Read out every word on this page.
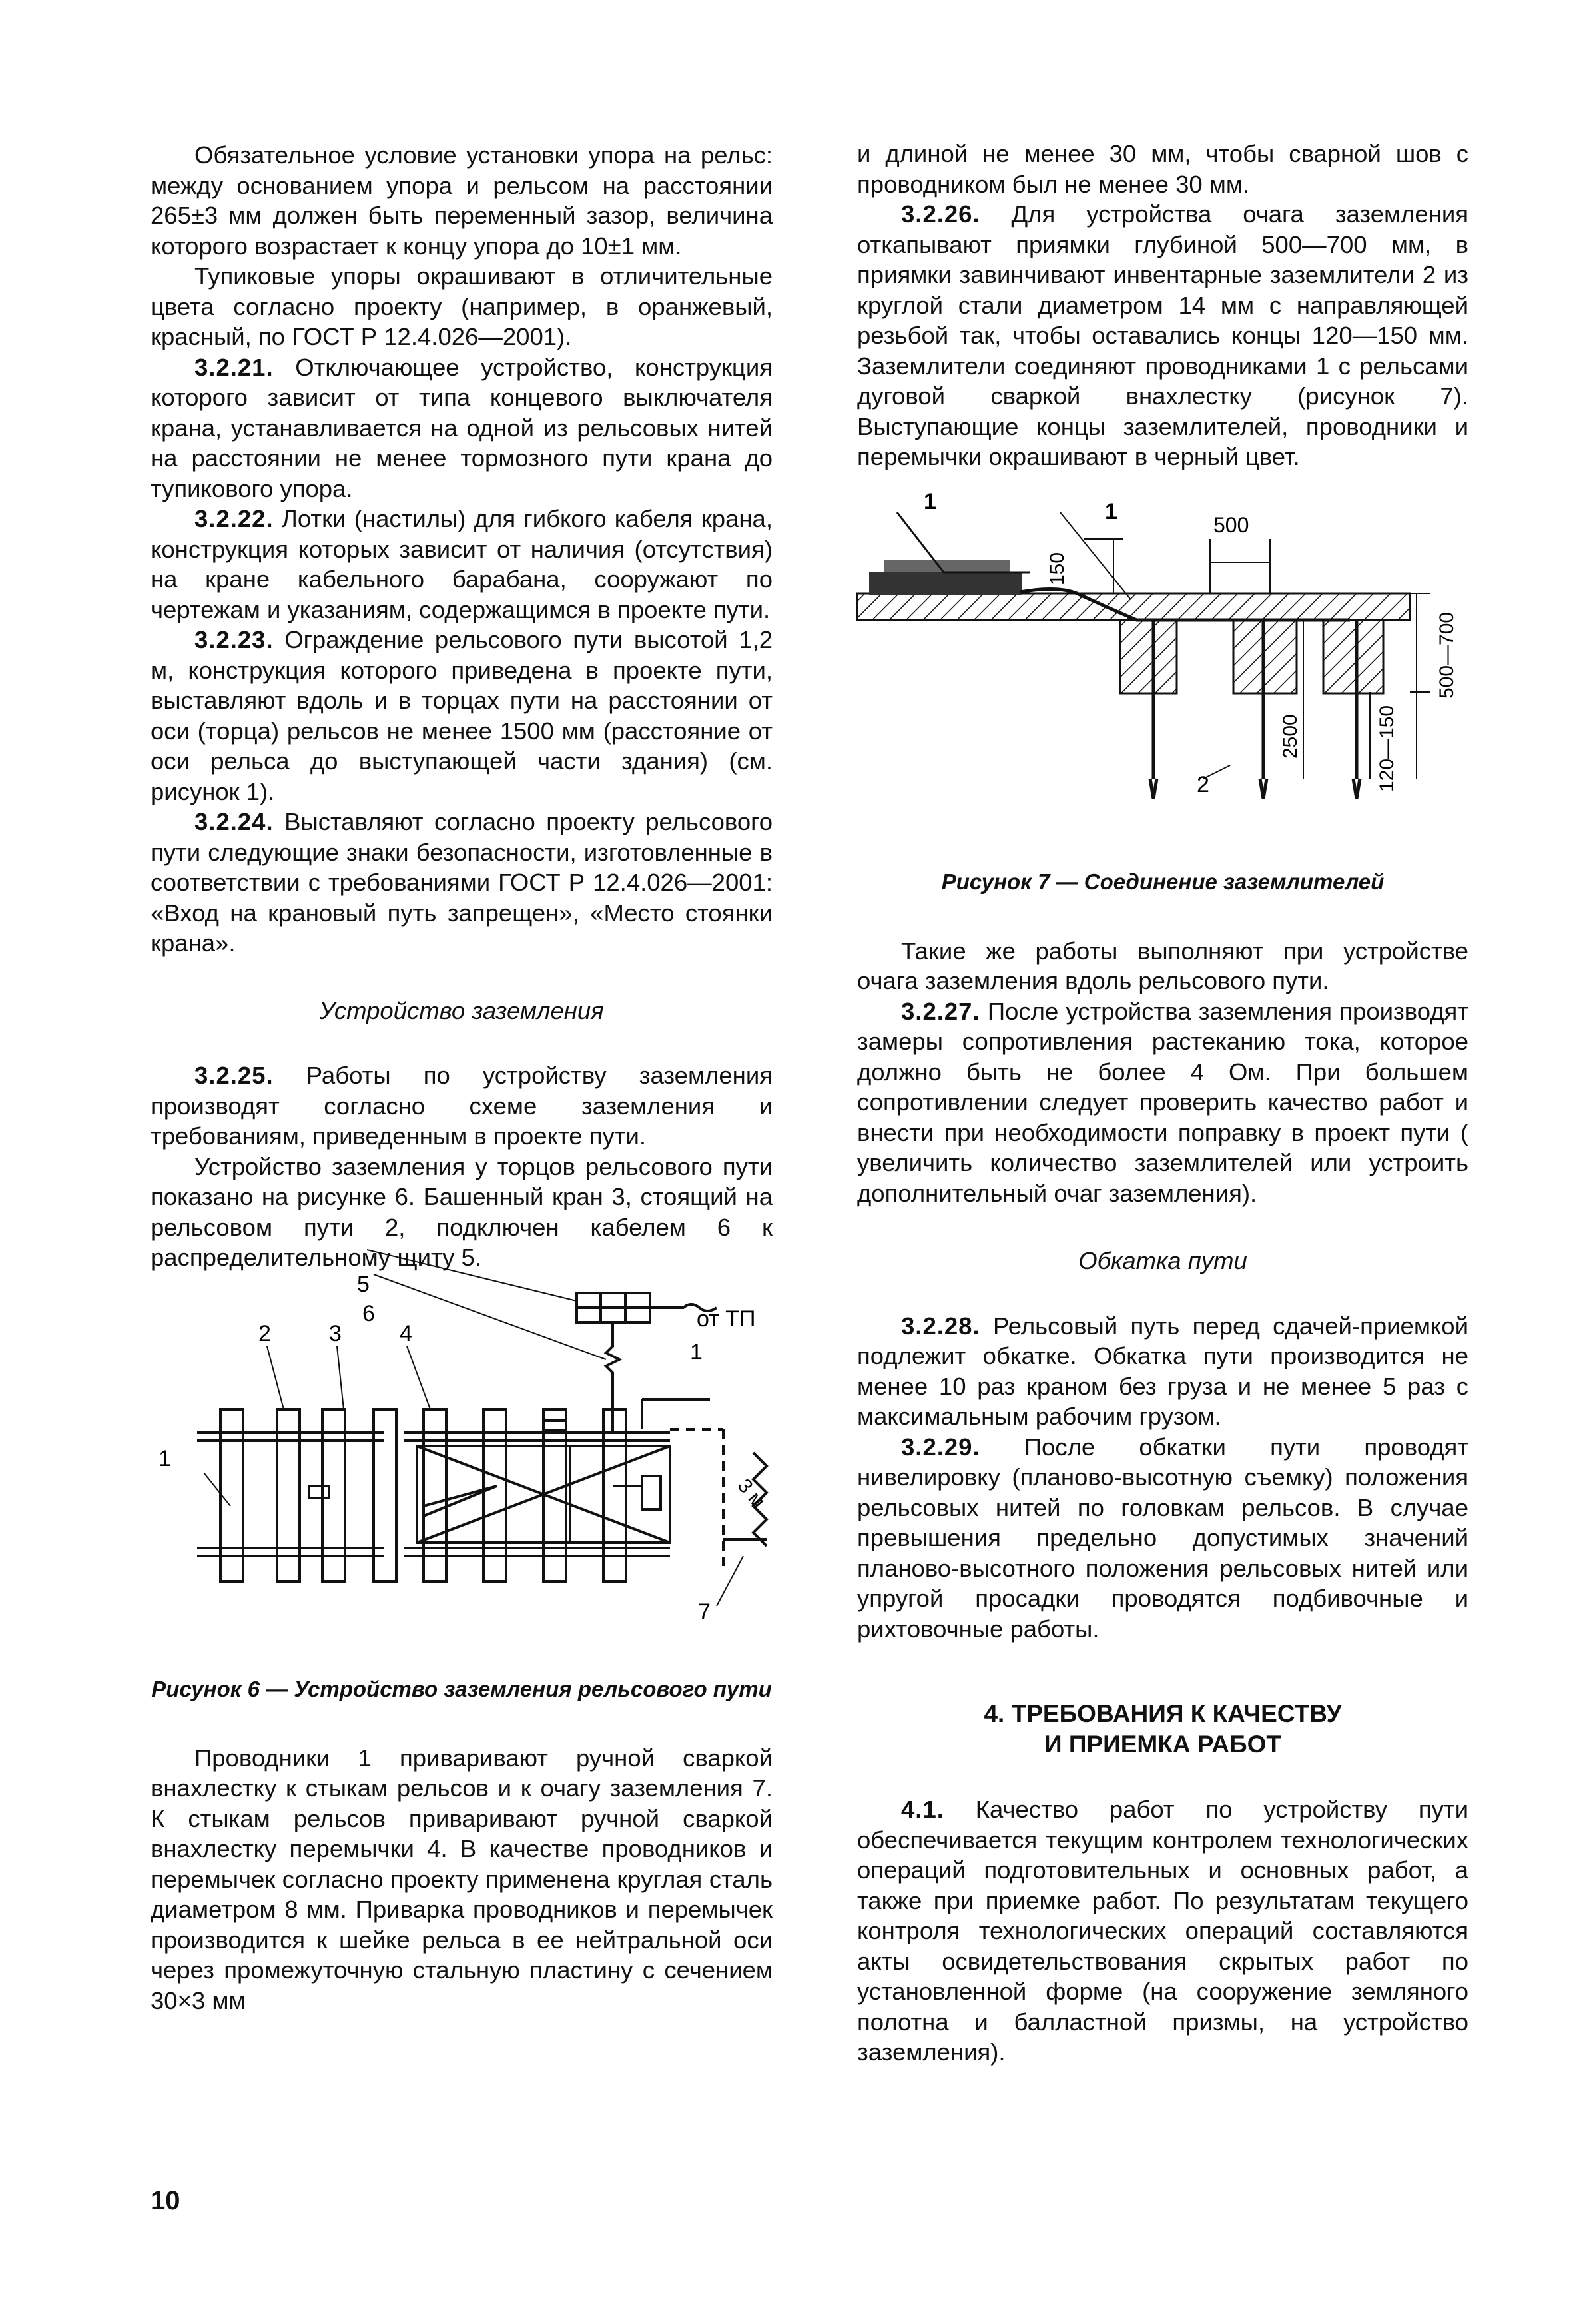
Обязательное условие установки упора на рельс: между основанием упора и рельсом на расстоянии 265±3 мм должен быть переменный зазор, величина которого возрастает к концу упора до 10±1 мм.

Тупиковые упоры окрашивают в отличительные цвета согласно проекту (например, в оранжевый, красный, по ГОСТ Р 12.4.026—2001).

3.2.21. Отключающее устройство, конструкция которого зависит от типа концевого выключателя крана, устанавливается на одной из рельсовых нитей на расстоянии не менее тормозного пути крана до тупикового упора.

3.2.22. Лотки (настилы) для гибкого кабеля крана, конструкция которых зависит от наличия (отсутствия) на кране кабельного барабана, сооружают по чертежам и указаниям, содержащимся в проекте пути.

3.2.23. Ограждение рельсового пути высотой 1,2 м, конструкция которого приведена в проекте пути, выставляют вдоль и в торцах пути на расстоянии от оси (торца) рельсов не менее 1500 мм (расстояние от оси рельса до выступающей части здания) (см. рисунок 1).

3.2.24. Выставляют согласно проекту рельсового пути следующие знаки безопасности, изготовленные в соответствии с требованиями ГОСТ Р 12.4.026—2001: «Вход на крановый путь запрещен», «Место стоянки крана».

Устройство заземления

3.2.25. Работы по устройству заземления производят согласно схеме заземления и требованиям, приведенным в проекте пути.

Устройство заземления у торцов рельсового пути показано на рисунке 6. Башенный кран 3, стоящий на рельсовом пути 2, подключен кабелем 6 к распределительному щиту 5.

5
6
2	3	4
1
1
7
от ТП
3 м

Рисунок 6 — Устройство заземления рельсового пути

Проводники 1 приваривают ручной сваркой внахлестку к стыкам рельсов и к очагу заземления 7. К стыкам рельсов приваривают ручной сваркой внахлестку перемычки 4. В качестве проводников и перемычек согласно проекту применена круглая сталь диаметром 8 мм. Приварка проводников и перемычек производится к шейке рельса в ее нейтральной оси через промежуточную стальную пластину с сечением 30×3 мм

и длиной не менее 30 мм, чтобы сварной шов с проводником был не менее 30 мм.

3.2.26. Для устройства очага заземления откапывают приямки глубиной 500—700 мм, в приямки завинчивают инвентарные заземлители 2 из круглой стали диаметром 14 мм с направляющей резьбой так, чтобы оставались концы 120—150 мм. Заземлители соединяют проводниками 1 с рельсами дуговой сваркой внахлестку (рисунок 7). Выступающие концы заземлителей, проводники и перемычки окрашивают в черный цвет.

1	1
2
500
150
500—700
2500	120—150

Рисунок 7 — Соединение заземлителей

Такие же работы выполняют при устройстве очага заземления вдоль рельсового пути.

3.2.27. После устройства заземления производят замеры сопротивления растеканию тока, которое должно быть не более 4 Ом. При большем сопротивлении следует проверить качество работ и внести при необходимости поправку в проект пути ( увеличить количество заземлителей или устроить дополнительный очаг заземления).

Обкатка пути

3.2.28. Рельсовый путь перед сдачей-приемкой подлежит обкатке. Обкатка пути производится не менее 10 раз краном без груза и не менее 5 раз с максимальным рабочим грузом.

3.2.29. После обкатки пути проводят нивелировку (планово-высотную съемку) положения рельсовых нитей по головкам рельсов. В случае превышения предельно допустимых значений планово-высотного положения рельсовых нитей или упругой просадки проводятся подбивочные и рихтовочные работы.

4. ТРЕБОВАНИЯ К КАЧЕСТВУ
И ПРИЕМКА РАБОТ

4.1. Качество работ по устройству пути обеспечивается текущим контролем технологических операций подготовительных и основных работ, а также при приемке работ. По результатам текущего контроля технологических операций составляются акты освидетельствования скрытых работ по установленной форме (на сооружение земляного полотна и балластной призмы, на устройство заземления).

10
